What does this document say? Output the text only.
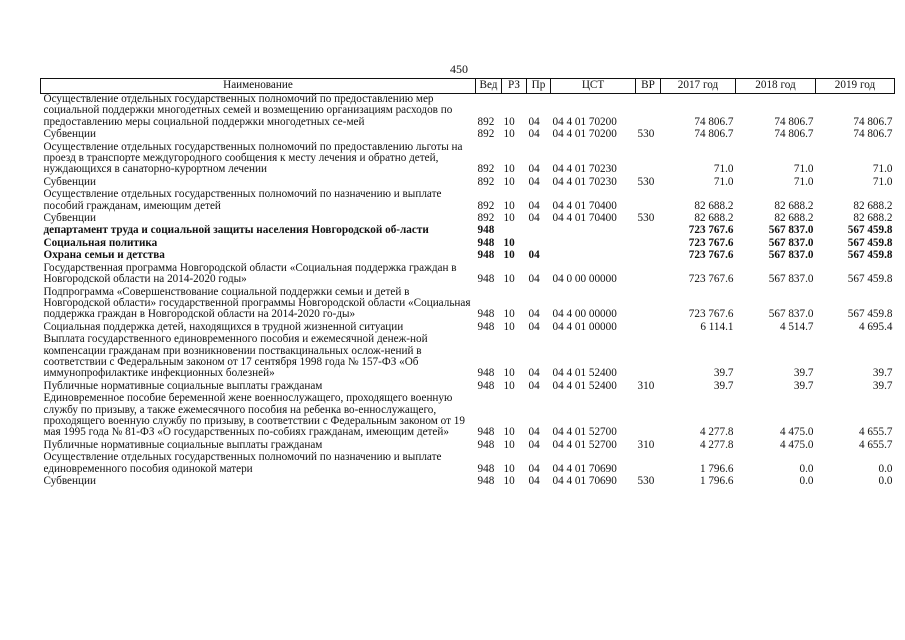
450
Наименование	Вед	РЗ	Пр	ЦСТ	ВР	2017 год	2018 год	2019 год
Осуществление отдельных государственных полномочий по предоставлению мер социальной поддержки многодетных семей и возмещению организациям расходов по предоставлению меры социальной поддержки многодетных се-мей	892	10	04	04 4 01 70200		74 806.7	74 806.7	74 806.7
Субвенции	892	10	04	04 4 01 70200	530	74 806.7	74 806.7	74 806.7
Осуществление отдельных государственных полномочий по предоставлению льготы на проезд в транспорте междугородного сообщения к месту лечения и обратно детей, нуждающихся в санаторно-курортном лечении	892	10	04	04 4 01 70230		71.0	71.0	71.0
Субвенции	892	10	04	04 4 01 70230	530	71.0	71.0	71.0
Осуществление отдельных государственных полномочий по назначению и выплате пособий гражданам, имеющим детей	892	10	04	04 4 01 70400		82 688.2	82 688.2	82 688.2
Субвенции	892	10	04	04 4 01 70400	530	82 688.2	82 688.2	82 688.2
департамент труда и социальной защиты населения Новгородской об-ласти	948					723 767.6	567 837.0	567 459.8
Социальная политика	948	10				723 767.6	567 837.0	567 459.8
Охрана семьи и детства	948	10	04			723 767.6	567 837.0	567 459.8
Государственная программа Новгородской области «Социальная поддержка граждан в Новгородской области на 2014-2020 годы»	948	10	04	04 0 00 00000		723 767.6	567 837.0	567 459.8
Подпрограмма «Совершенствование социальной поддержки семьи и детей в Новгородской области» государственной программы Новгородской области «Социальная поддержка граждан в Новгородской области на 2014-2020 го-ды»	948	10	04	04 4 00 00000		723 767.6	567 837.0	567 459.8
Социальная поддержка детей, находящихся в трудной жизненной ситуации	948	10	04	04 4 01 00000		6 114.1	4 514.7	4 695.4
Выплата государственного единовременного пособия и ежемесячной денеж-ной компенсации гражданам при возникновении поствакцинальных ослож-нений в соответствии с Федеральным законом от 17 сентября 1998 года № 157-ФЗ «Об иммунопрофилактике инфекционных болезней»	948	10	04	04 4 01 52400		39.7	39.7	39.7
Публичные нормативные социальные выплаты гражданам	948	10	04	04 4 01 52400	310	39.7	39.7	39.7
Единовременное пособие беременной жене военнослужащего, проходящего военную службу по призыву, а также ежемесячного пособия на ребенка во-еннослужащего, проходящего военную службу по призыву, в соответствии с Федеральным законом от 19 мая 1995 года № 81-ФЗ «О государственных по-собиях гражданам, имеющим детей»	948	10	04	04 4 01 52700		4 277.8	4 475.0	4 655.7
Публичные нормативные социальные выплаты гражданам	948	10	04	04 4 01 52700	310	4 277.8	4 475.0	4 655.7
Осуществление отдельных государственных полномочий по назначению и выплате единовременного пособия одинокой матери	948	10	04	04 4 01 70690		1 796.6	0.0	0.0
Субвенции	948	10	04	04 4 01 70690	530	1 796.6	0.0	0.0
